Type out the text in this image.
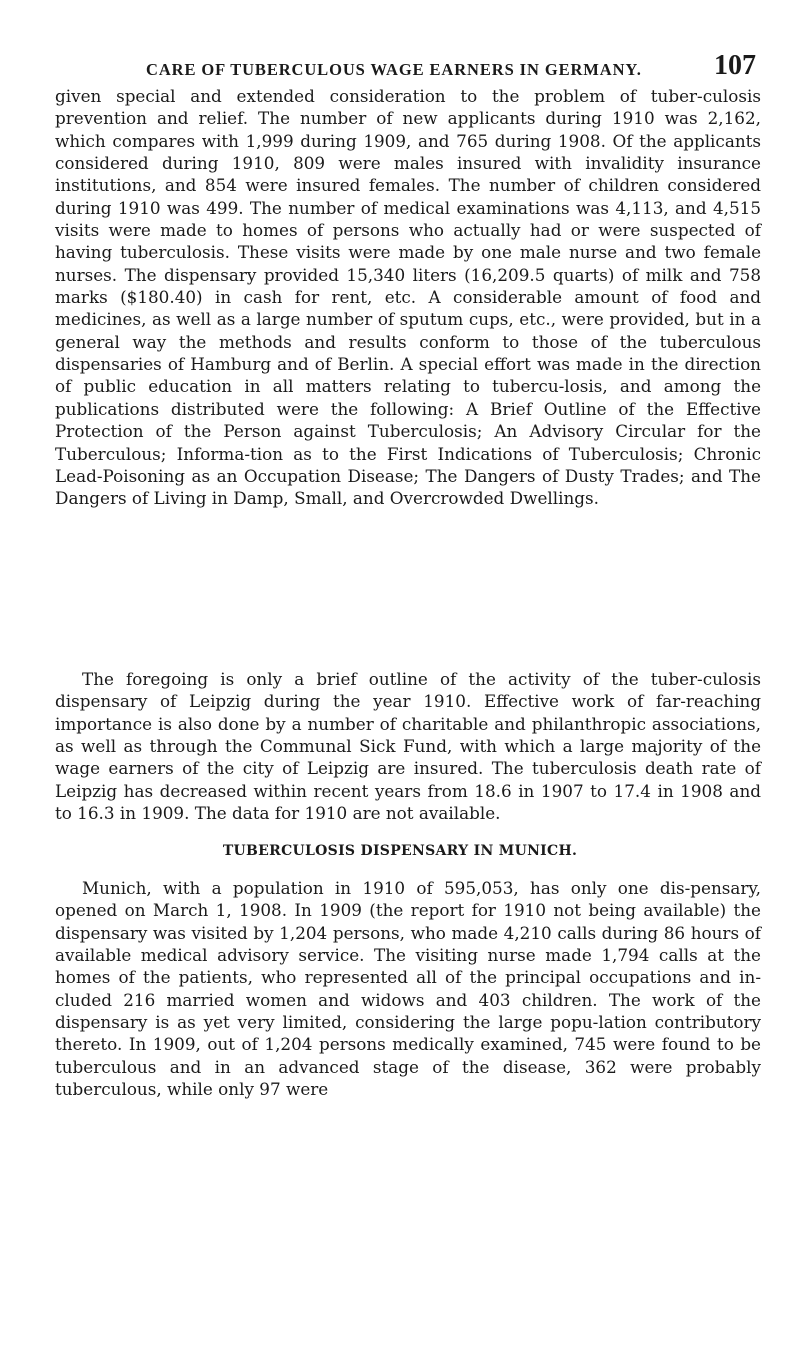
CARE OF TUBERCULOUS WAGE EARNERS IN GERMANY.	107

given special and extended consideration to the problem of tuber-culosis prevention and relief. The number of new applicants during 1910 was 2,162, which compares with 1,999 during 1909, and 765 during 1908. Of the applicants considered during 1910, 809 were males insured with invalidity insurance institutions, and 854 were insured females. The number of children considered during 1910 was 499. The number of medical examinations was 4,113, and 4,515 visits were made to homes of persons who actually had or were suspected of having tuberculosis. These visits were made by one male nurse and two female nurses. The dispensary provided 15,340 liters (16,209.5 quarts) of milk and 758 marks ($180.40) in cash for rent, etc. A considerable amount of food and medicines, as well as a large number of sputum cups, etc., were provided, but in a general way the methods and results conform to those of the tuberculous dispensaries of Hamburg and of Berlin. A special effort was made in the direction of public education in all matters relating to tubercu-losis, and among the publications distributed were the following: A Brief Outline of the Effective Protection of the Person against Tuberculosis; An Advisory Circular for the Tuberculous; Informa-tion as to the First Indications of Tuberculosis; Chronic Lead-Poisoning as an Occupation Disease; The Dangers of Dusty Trades; and The Dangers of Living in Damp, Small, and Overcrowded Dwellings.

The foregoing is only a brief outline of the activity of the tuber-culosis dispensary of Leipzig during the year 1910. Effective work of far-reaching importance is also done by a number of charitable and philanthropic associations, as well as through the Communal Sick Fund, with which a large majority of the wage earners of the city of Leipzig are insured. The tuberculosis death rate of Leipzig has decreased within recent years from 18.6 in 1907 to 17.4 in 1908 and to 16.3 in 1909. The data for 1910 are not available.

TUBERCULOSIS DISPENSARY IN MUNICH.

Munich, with a population in 1910 of 595,053, has only one dis-pensary, opened on March 1, 1908. In 1909 (the report for 1910 not being available) the dispensary was visited by 1,204 persons, who made 4,210 calls during 86 hours of available medical advisory service. The visiting nurse made 1,794 calls at the homes of the patients, who represented all of the principal occupations and in-cluded 216 married women and widows and 403 children. The work of the dispensary is as yet very limited, considering the large popu-lation contributory thereto. In 1909, out of 1,204 persons medically examined, 745 were found to be tuberculous and in an advanced stage of the disease, 362 were probably tuberculous, while only 97 were
